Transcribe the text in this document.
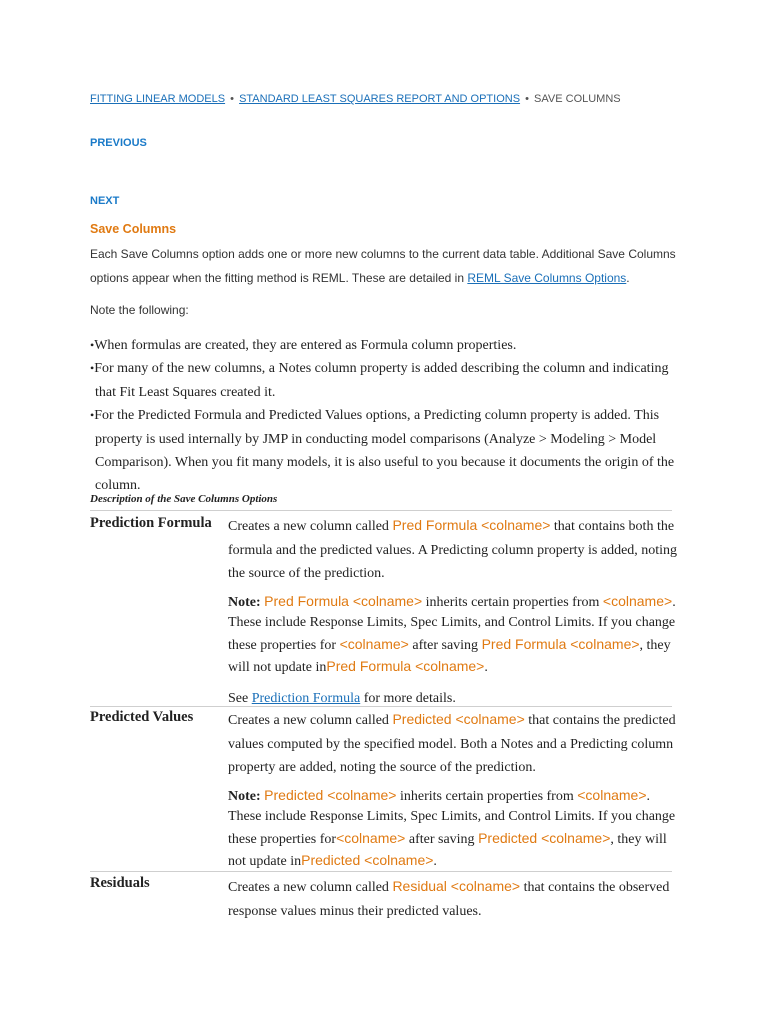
FITTING LINEAR MODELS • STANDARD LEAST SQUARES REPORT AND OPTIONS • SAVE COLUMNS
PREVIOUS
NEXT
Save Columns
Each Save Columns option adds one or more new columns to the current data table. Additional Save Columns options appear when the fitting method is REML. These are detailed in REML Save Columns Options.
Note the following:
•When formulas are created, they are entered as Formula column properties.
•For many of the new columns, a Notes column property is added describing the column and indicating that Fit Least Squares created it.
•For the Predicted Formula and Predicted Values options, a Predicting column property is added. This property is used internally by JMP in conducting model comparisons (Analyze > Modeling > Model Comparison). When you fit many models, it is also useful to you because it documents the origin of the column.
Description of the Save Columns Options
Prediction Formula Creates a new column called Pred Formula <colname> that contains both the formula and the predicted values. A Predicting column property is added, noting the source of the prediction.

Note: Pred Formula <colname> inherits certain properties from <colname>. These include Response Limits, Spec Limits, and Control Limits. If you change these properties for <colname> after saving Pred Formula <colname>, they will not update inPred Formula <colname>.

See Prediction Formula for more details.

Predicted Values Creates a new column called Predicted <colname> that contains the predicted values computed by the specified model. Both a Notes and a Predicting column property are added, noting the source of the prediction.

Note: Predicted <colname> inherits certain properties from <colname>. These include Response Limits, Spec Limits, and Control Limits. If you change these properties for<colname> after saving Predicted <colname>, they will not update inPredicted <colname>.

Residuals	Creates a new column called Residual <colname> that contains the observed response values minus their predicted values.
